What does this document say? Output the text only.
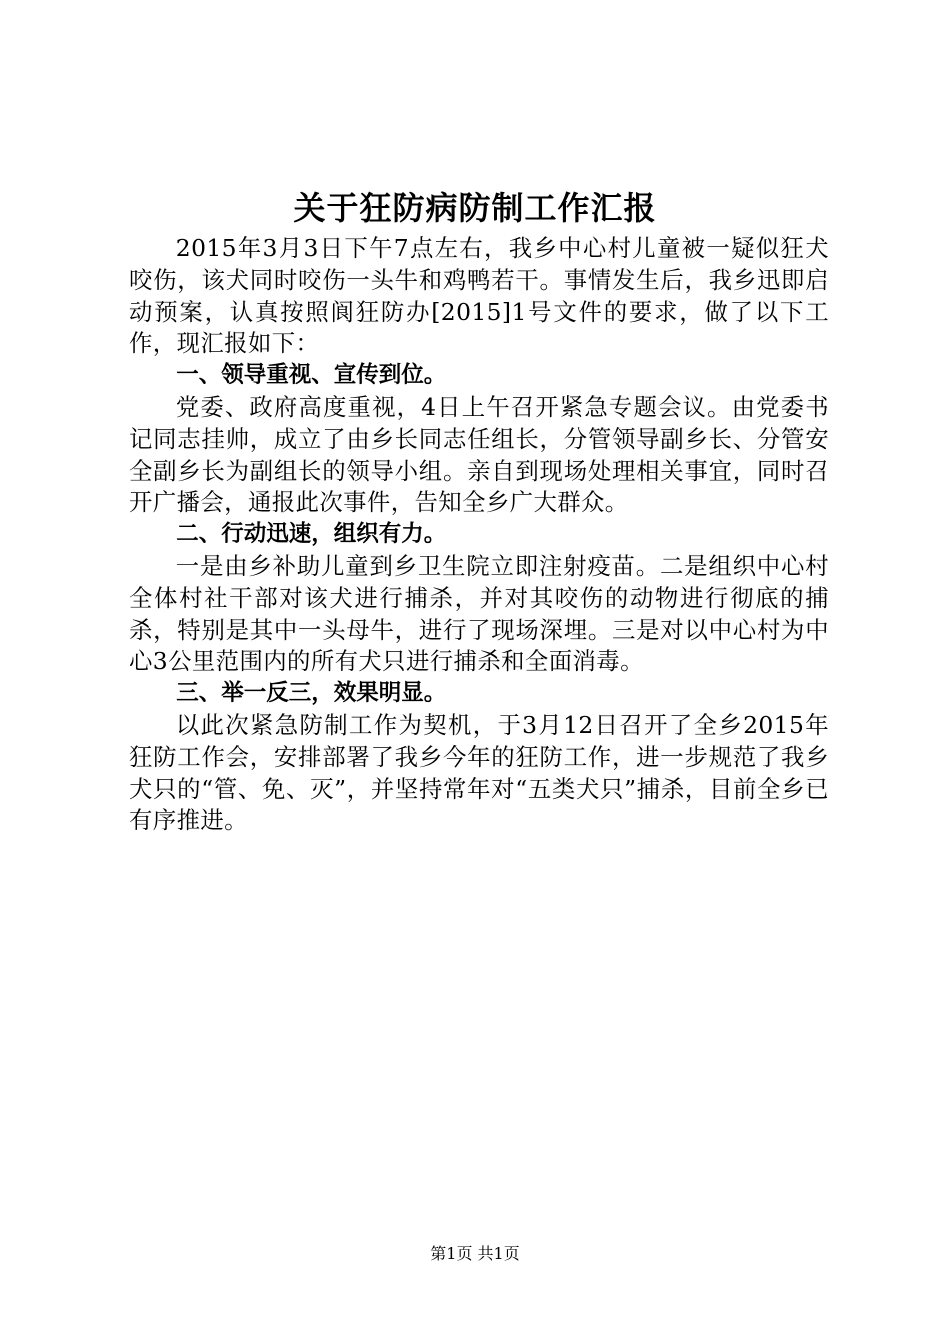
关于狂防病防制工作汇报

2015年3月3日下午7点左右，我乡中心村儿童被一疑似狂犬咬伤，该犬同时咬伤一头牛和鸡鸭若干。事情发生后，我乡迅即启动预案，认真按照阆狂防办[2015]1号文件的要求，做了以下工作，现汇报如下：

一、领导重视、宣传到位。

党委、政府高度重视，4日上午召开紧急专题会议。由党委书记同志挂帅，成立了由乡长同志任组长，分管领导副乡长、分管安全副乡长为副组长的领导小组。亲自到现场处理相关事宜，同时召开广播会，通报此次事件，告知全乡广大群众。

二、行动迅速，组织有力。

一是由乡补助儿童到乡卫生院立即注射疫苗。二是组织中心村全体村社干部对该犬进行捕杀，并对其咬伤的动物进行彻底的捕杀，特别是其中一头母牛，进行了现场深埋。三是对以中心村为中心3公里范围内的所有犬只进行捕杀和全面消毒。

三、举一反三，效果明显。

以此次紧急防制工作为契机，于3月12日召开了全乡2015年狂防工作会，安排部署了我乡今年的狂防工作，进一步规范了我乡犬只的“管、免、灭”，并坚持常年对“五类犬只”捕杀，目前全乡已有序推进。

第1页 共1页
